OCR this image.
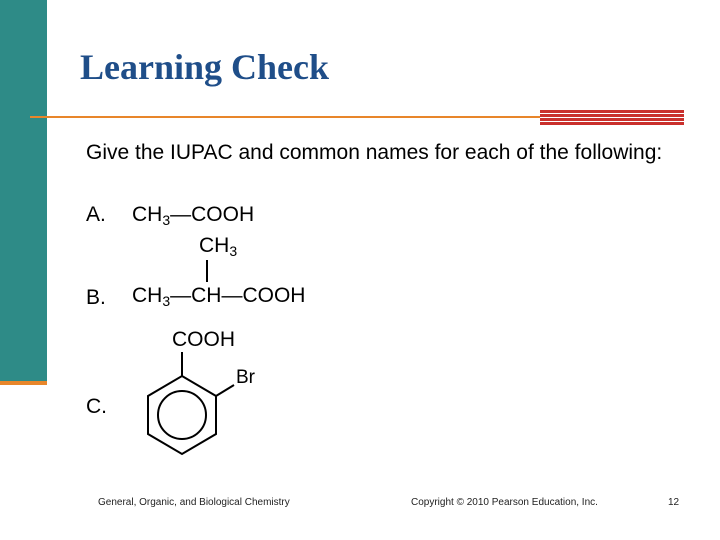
Learning Check
Give the IUPAC and common names for each of the following:
A. $CH_3—COOH$
$CH_3$
B. $CH_3—CH—COOH$
C.
COOH
Br
General, Organic, and Biological Chemistry	Copyright © 2010 Pearson Education, Inc.	12
